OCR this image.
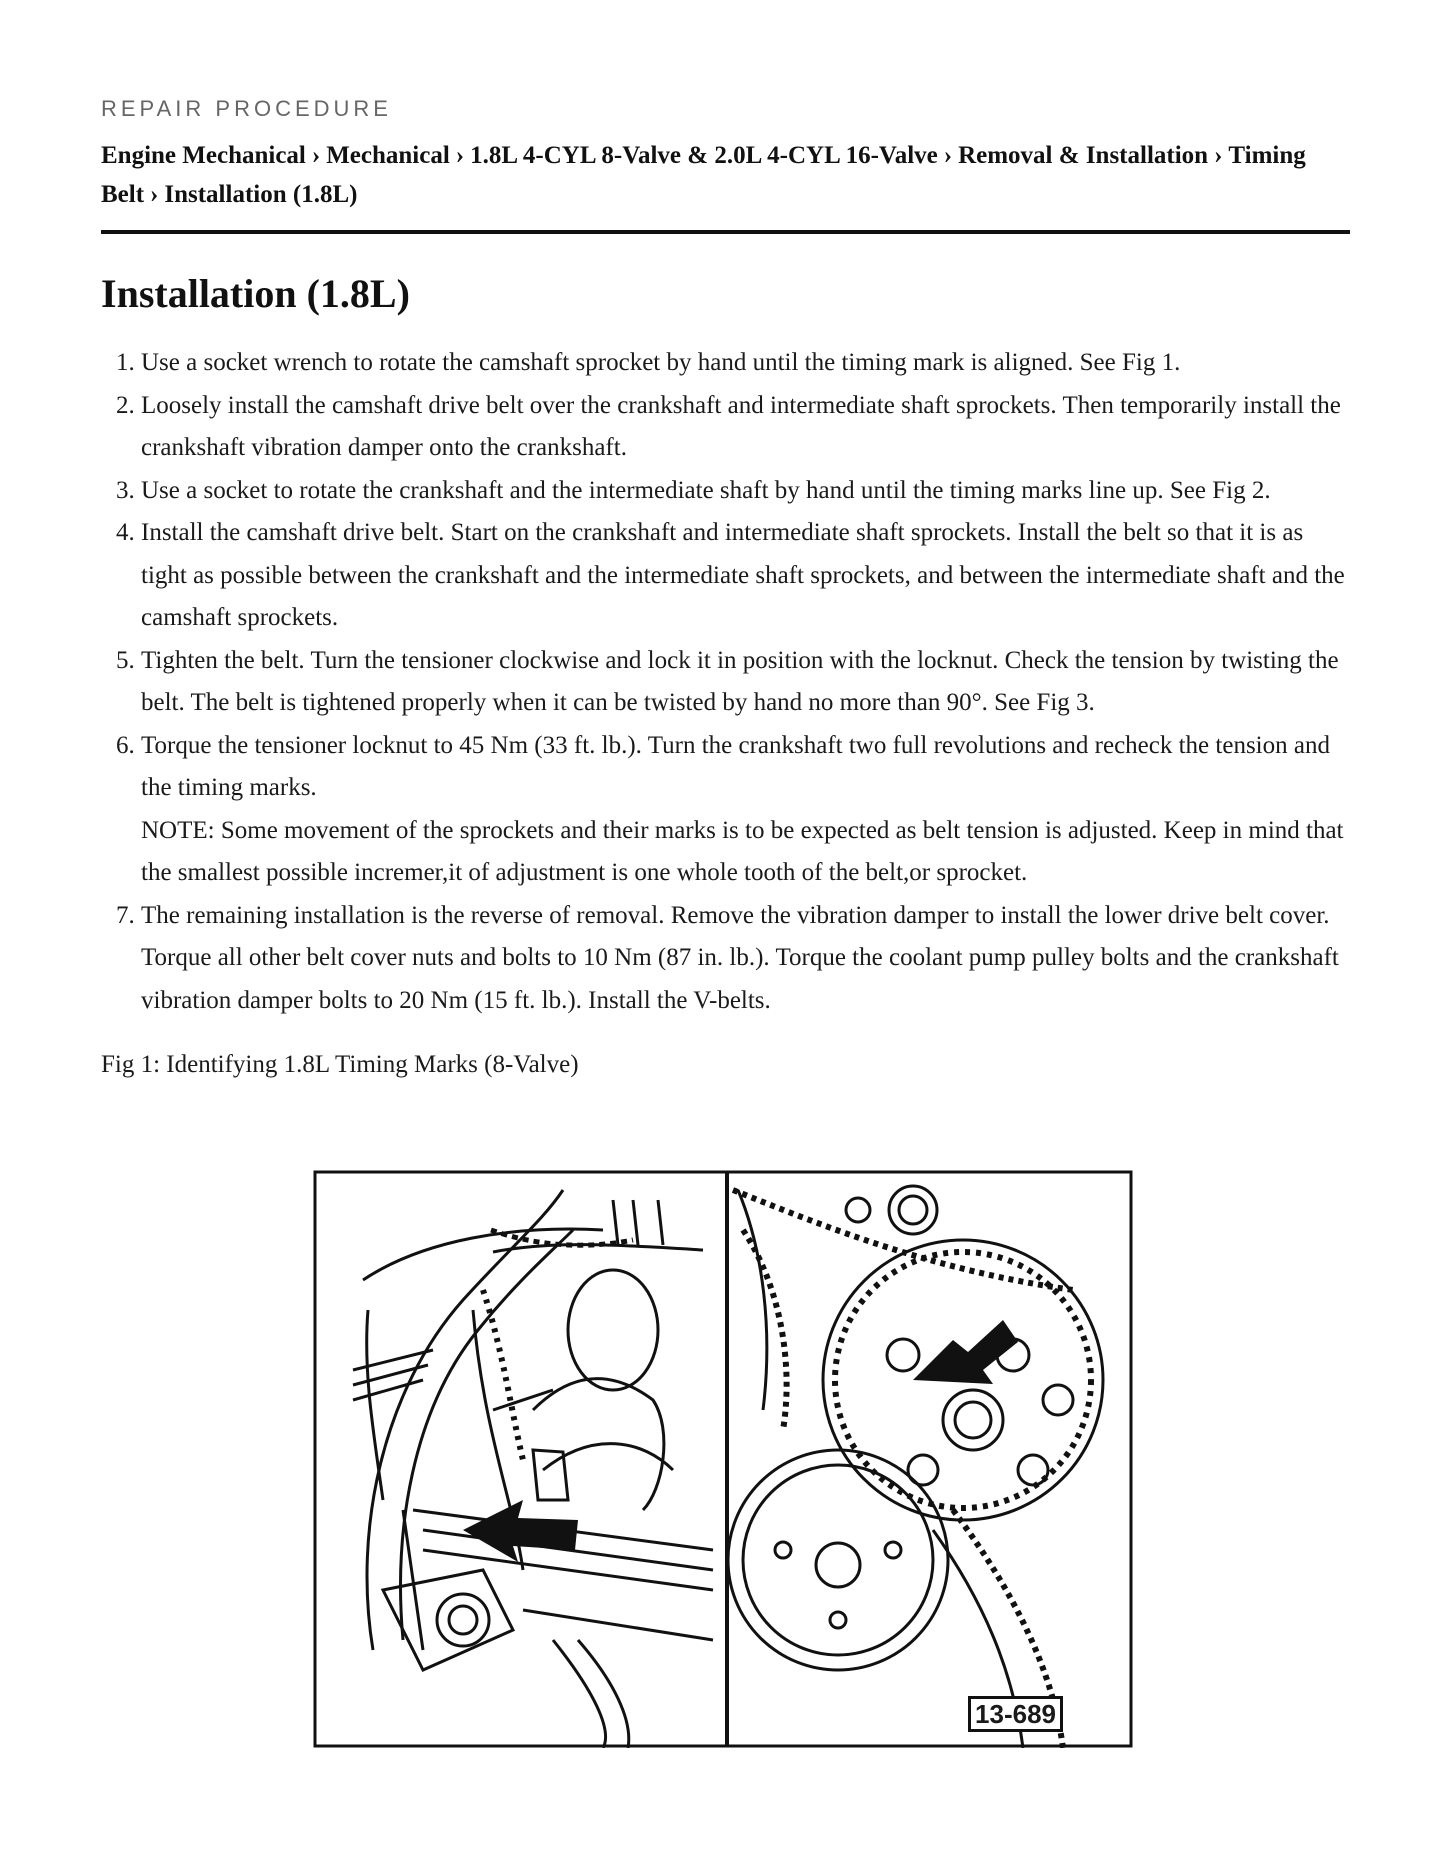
REPAIR PROCEDURE
Engine Mechanical › Mechanical › 1.8L 4-CYL 8-Valve & 2.0L 4-CYL 16-Valve › Removal & Installation › Timing Belt › Installation (1.8L)
Installation (1.8L)
1. Use a socket wrench to rotate the camshaft sprocket by hand until the timing mark is aligned. See Fig 1.
2. Loosely install the camshaft drive belt over the crankshaft and intermediate shaft sprockets. Then temporarily install the crankshaft vibration damper onto the crankshaft.
3. Use a socket to rotate the crankshaft and the intermediate shaft by hand until the timing marks line up. See Fig 2.
4. Install the camshaft drive belt. Start on the crankshaft and intermediate shaft sprockets. Install the belt so that it is as tight as possible between the crankshaft and the intermediate shaft sprockets, and between the intermediate shaft and the camshaft sprockets.
5. Tighten the belt. Turn the tensioner clockwise and lock it in position with the locknut. Check the tension by twisting the belt. The belt is tightened properly when it can be twisted by hand no more than 90°. See Fig 3.
6. Torque the tensioner locknut to 45 Nm (33 ft. lb.). Turn the crankshaft two full revolutions and recheck the tension and the timing marks.
NOTE: Some movement of the sprockets and their marks is to be expected as belt tension is adjusted. Keep in mind that the smallest possible incremer,it of adjustment is one whole tooth of the belt,or sprocket.
7. The remaining installation is the reverse of removal. Remove the vibration damper to install the lower drive belt cover. Torque all other belt cover nuts and bolts to 10 Nm (87 in. lb.). Torque the coolant pump pulley bolts and the crankshaft vibration damper bolts to 20 Nm (15 ft. lb.). Install the V-belts.
Fig 1: Identifying 1.8L Timing Marks (8-Valve)
13-689
